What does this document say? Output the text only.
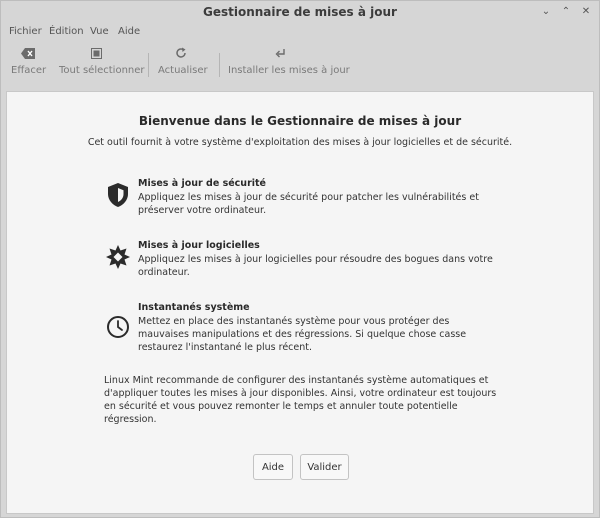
Gestionnaire de mises à jour	⌄ ⌃ ✕
Fichier Édition Vue Aide
Effacer Tout sélectionner Actualiser Installer les mises à jour
Bienvenue dans le Gestionnaire de mises à jour
Cet outil fournit à votre système d'exploitation des mises à jour logicielles et de sécurité.
Mises à jour de sécurité
Appliquez les mises à jour de sécurité pour patcher les vulnérabilités et préserver votre ordinateur.
Mises à jour logicielles
Appliquez les mises à jour logicielles pour résoudre des bogues dans votre ordinateur.
Instantanés système
Mettez en place des instantanés système pour vous protéger des mauvaises manipulations et des régressions. Si quelque chose casse restaurez l'instantané le plus récent.
Linux Mint recommande de configurer des instantanés système automatiques et d'appliquer toutes les mises à jour disponibles. Ainsi, votre ordinateur est toujours en sécurité et vous pouvez remonter le temps et annuler toute potentielle régression.
Aide	Valider
